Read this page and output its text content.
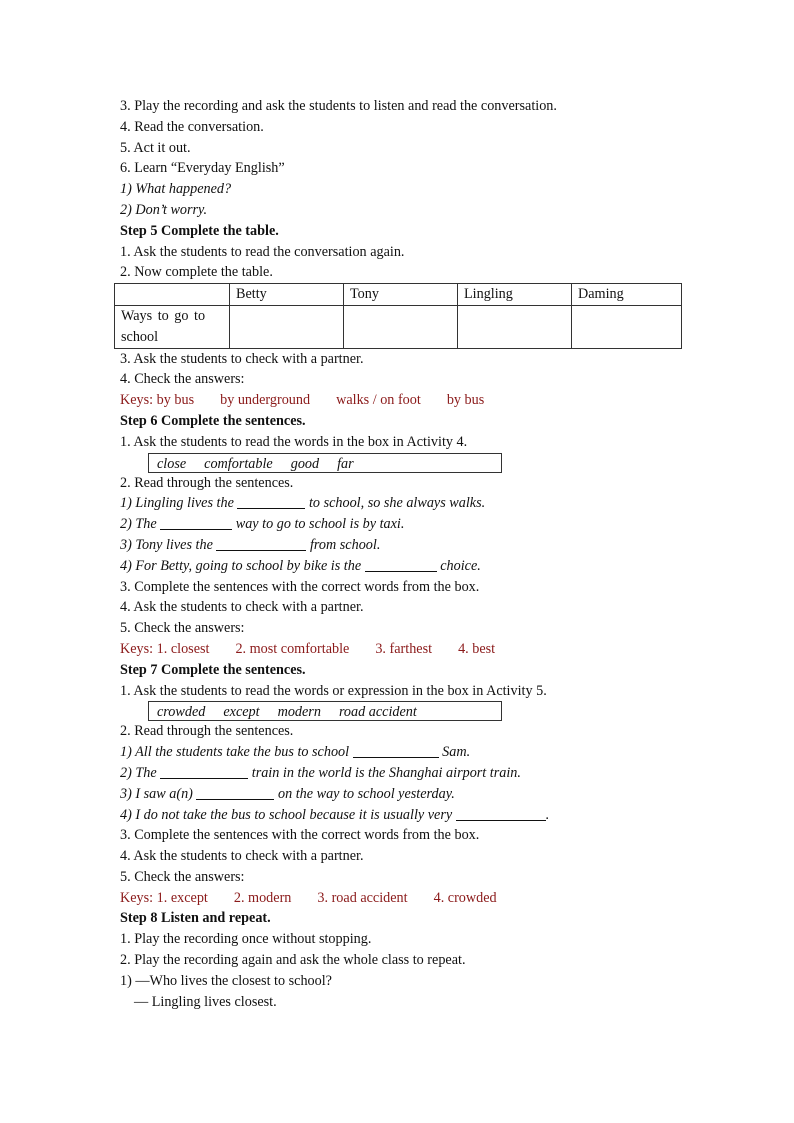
3. Play the recording and ask the students to listen and read the conversation.
4. Read the conversation.
5. Act it out.
6. Learn “Everyday English”
1) What happened?
2) Don’t worry.
Step 5 Complete the table.
1. Ask the students to read the conversation again.
2. Now complete the table.
	Betty	Tony	Lingling	Daming

Ways to go to
school				

3. Ask the students to check with a partner.
4. Check the answers:
Keys: by bus by underground walks / on foot by bus
Step 6 Complete the sentences.
1. Ask the students to read the words in the box in Activity 4.
close comfortable good far
2. Read through the sentences.
1) Lingling lives the	to school, so she always walks.
2) The	way to go to school is by taxi.
3) Tony lives the	from school.
4) For Betty, going to school by bike is the	choice.
3. Complete the sentences with the correct words from the box.
4. Ask the students to check with a partner.
5. Check the answers:
Keys: 1. closest 2. most comfortable 3. farthest 4. best
Step 7 Complete the sentences.
1. Ask the students to read the words or expression in the box in Activity 5.
crowded except modern road accident
2. Read through the sentences.
1) All the students take the bus to school	Sam.
2) The	train in the world is the Shanghai airport train.
3) I saw a(n)	on the way to school yesterday.
4) I do not take the bus to school because it is usually very	.
3. Complete the sentences with the correct words from the box.
4. Ask the students to check with a partner.
5. Check the answers:
Keys: 1. except 2. modern 3. road accident 4. crowded
Step 8 Listen and repeat.
1. Play the recording once without stopping.
2. Play the recording again and ask the whole class to repeat.
1) —Who lives the closest to school?
— Lingling lives closest.
